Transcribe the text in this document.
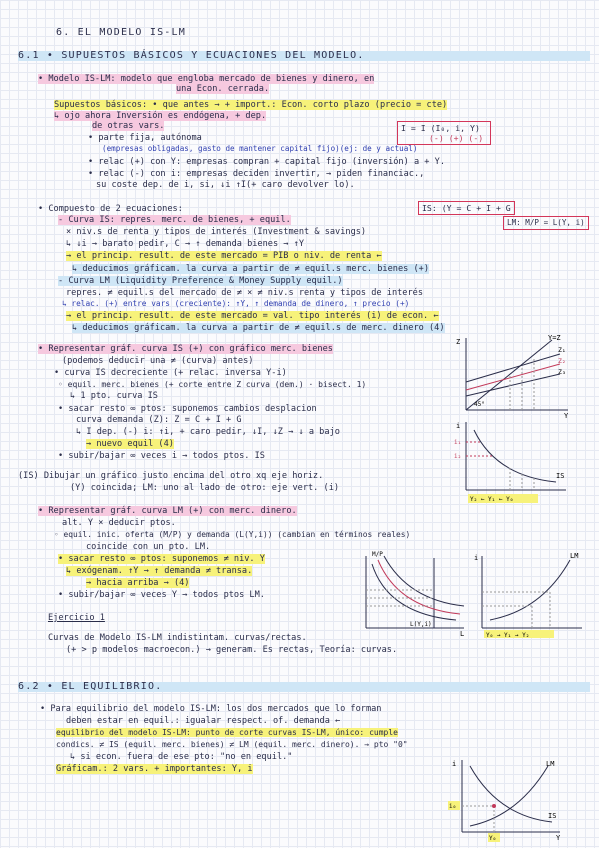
6. EL MODELO IS-LM
6.1 • SUPUESTOS BÁSICOS Y ECUACIONES DEL MODELO.
• Modelo IS-LM: modelo que engloba mercado de bienes y dinero, en
una Econ. cerrada.
Supuestos básicos: • que antes → + import.: Econ. corto plazo (precio = cte)
↳ ojo ahora Inversión es endógena, + dep.
de otras vars.
• parte fija, autónoma
(empresas obligadas, gasto de mantener capital fijo)(ej: de y actual)
• relac (+) con Y: empresas compran + capital fijo (inversión) a + Y.
• relac (-) con i: empresas deciden invertir, → piden financiac.,
su coste dep. de i, si, ↓i ↑I(+ caro devolver lo).
I = I (I₀, i, Y)
(-) (+) (-)
IS: (Y = C + I + G
LM: M/P = L(Y, i)
• Compuesto de 2 ecuaciones:
- Curva IS: repres. merc. de bienes, + equil.
× niv.s de renta y tipos de interés (Investment & savings)
↳ ↓i → barato pedir, C → ↑ demanda bienes → ↑Y
→ el princip. result. de este mercado = PIB o niv. de renta ←
↳ deducimos gráficam. la curva a partir de ≠ equil.s merc. bienes (+)
- Curva LM (Liquidity Preference & Money Supply equil.)
repres. ≠ equil.s del mercado de ≠ × ≠ niv.s renta y tipos de interés
↳ relac. (+) entre vars (creciente): ↑Y, ↑ demanda de dinero, ↑ precio (+)
→ el princip. result. de este mercado = val. tipo interés (i) de econ. ←
↳ deducimos gráficam. la curva a partir de ≠ equil.s de merc. dinero (4)
• Representar gráf. curva IS (+) con gráfico merc. bienes
(podemos deducir una ≠ (curva) antes)
• curva IS decreciente (+ relac. inversa Y-i)
◦ equil. merc. bienes (+ corte entre Z curva (dem.) · bisect. 1)
↳ 1 pto. curva IS
• sacar resto ∞ ptos: suponemos cambios desplacion
curva demanda (Z): Z = C + I + G
↳ I dep. (-) i: ↑i, + caro pedir, ↓I, ↓Z → ↓ a bajo
→ nuevo equil (4)
• subir/bajar ∞ veces i → todos ptos. IS
(IS) Dibujar un gráfico justo encima del otro xq eje horiz.
(Y) coincida; LM: uno al lado de otro: eje vert. (i)
• Representar gráf. curva LM (+) con merc. dinero.
alt. Y × deducir ptos.
◦ equil. inic. oferta (M/P) y demanda (L(Y,i)) (cambian en términos reales)
coincide con un pto. LM.
• sacar resto ∞ ptos: suponemos ≠ niv. Y
↳ exógenam. ↑Y → ↑ demanda ≠ transa.
→ hacia arriba → (4)
• subir/bajar ∞ veces Y → todos ptos LM.
Ejercicio 1
Curvas de Modelo IS-LM indistintam. curvas/rectas.
(+ > p modelos macroecon.) → generam. Es rectas, Teoría: curvas.
6.2 • EL EQUILIBRIO.
• Para equilibrio del modelo IS-LM: los dos mercados que lo forman
deben estar en equil.: igualar respect. of. demanda ←
equilibrio del modelo IS-LM: punto de corte curvas IS-LM, único: cumple
condics. ≠ IS (equil. merc. bienes) ≠ LM (equil. merc. dinero). → pto "0"
↳ si econ. fuera de ese pto: "no en equil."
Gráficam.: 2 vars. + importantes: Y, i
Z	Y=Z
Z₁
Z₂
Z₃
45°
Y
i
i₁
i₂
IS
Y₂ ← Y₁ ← Y₀
M/P
L(Y,i)
L
i	LM
Y₀ → Y₁ → Y₂
i	LM
IS
i₀
Y₀	Y
